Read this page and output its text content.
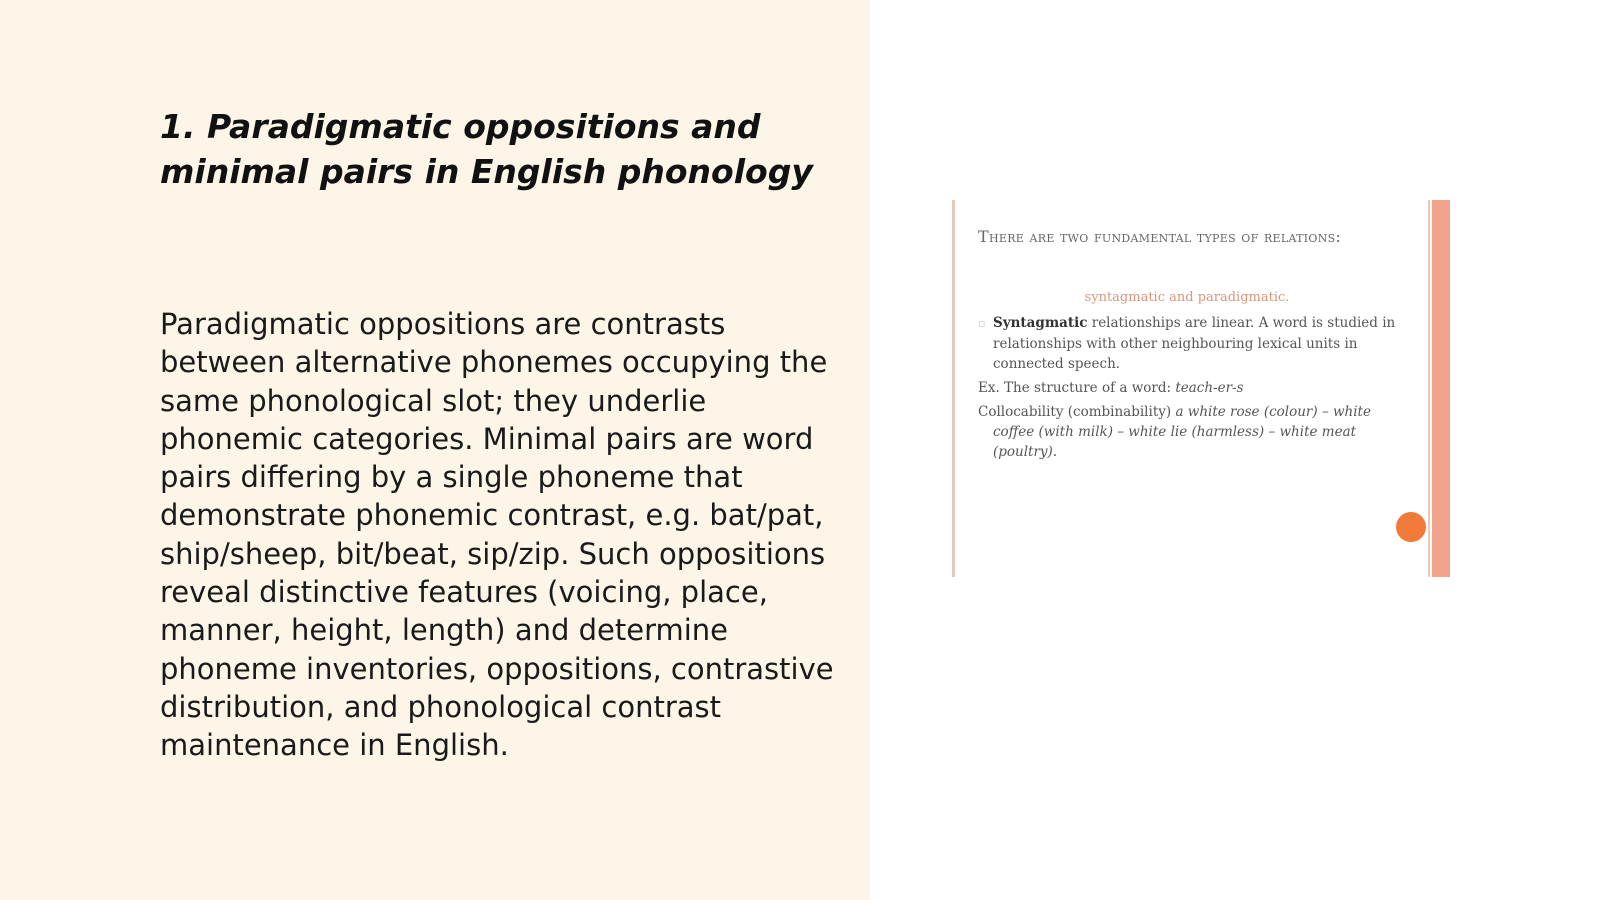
1. Paradigmatic oppositions and minimal pairs in English phonology

Paradigmatic oppositions are contrasts between alternative phonemes occupying the same phonological slot; they underlie phonemic categories. Minimal pairs are word pairs differing by a single phoneme that demonstrate phonemic contrast, e.g. bat/pat, ship/sheep, bit/beat, sip/zip. Such oppositions reveal distinctive features (voicing, place, manner, height, length) and determine phoneme inventories, oppositions, contrastive distribution, and phonological contrast maintenance in English.

There are two fundamental types of relations:
syntagmatic and paradigmatic.

▫ Syntagmatic relationships are linear. A word is studied in relationships with other neighbouring lexical units in connected speech.

Ex. The structure of a word: teach-er-s

Collocability (combinability) a white rose (colour) – white coffee (with milk) – white lie (harmless) – white meat (poultry).
